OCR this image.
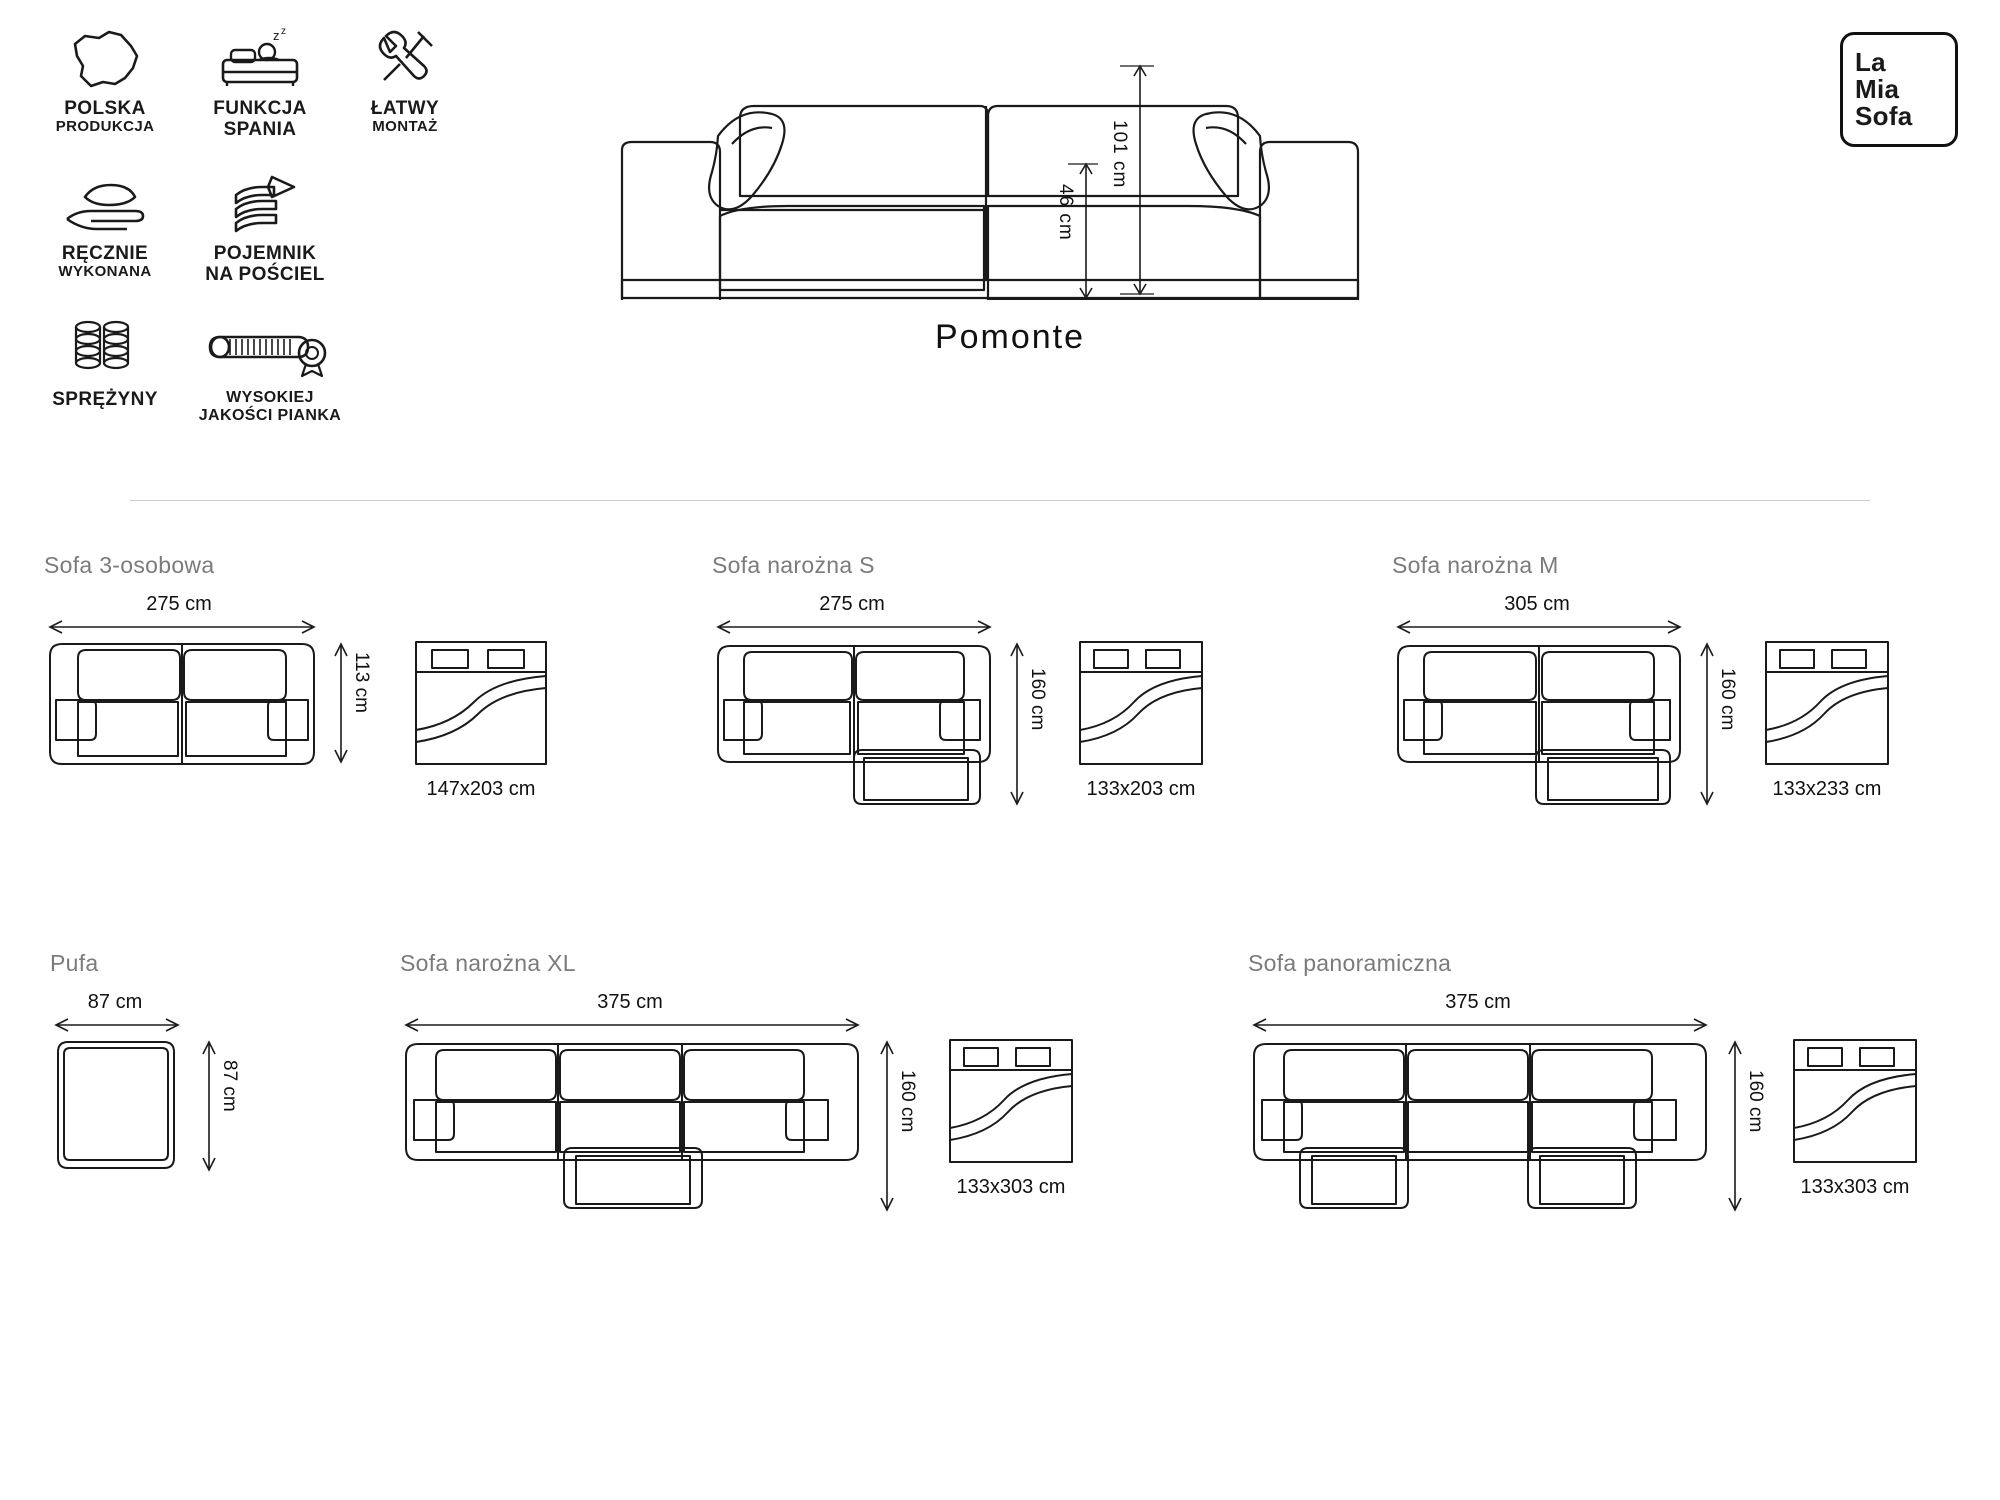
POLSKA
PRODUKCJA
z z
FUNKCJA
SPANIA
ŁATWY
MONTAŻ
RĘCZNIE
WYKONANA
POJEMNIK
NA POŚCIEL
SPRĘŻYNY	WYSOKIEJ
JAKOŚCI PIANKA
101 cm
46 cm
Pomonte
La
Mia
Sofa
Sofa 3-osobowa
275 cm
113 cm
147x203 cm
Sofa narożna S
275 cm
160 cm
133x203 cm
Sofa narożna M
305 cm
160 cm
133x233 cm
Pufa
87 cm
87 cm
Sofa narożna XL
375 cm
160 cm
133x303 cm
Sofa panoramiczna
375 cm
160 cm
133x303 cm
